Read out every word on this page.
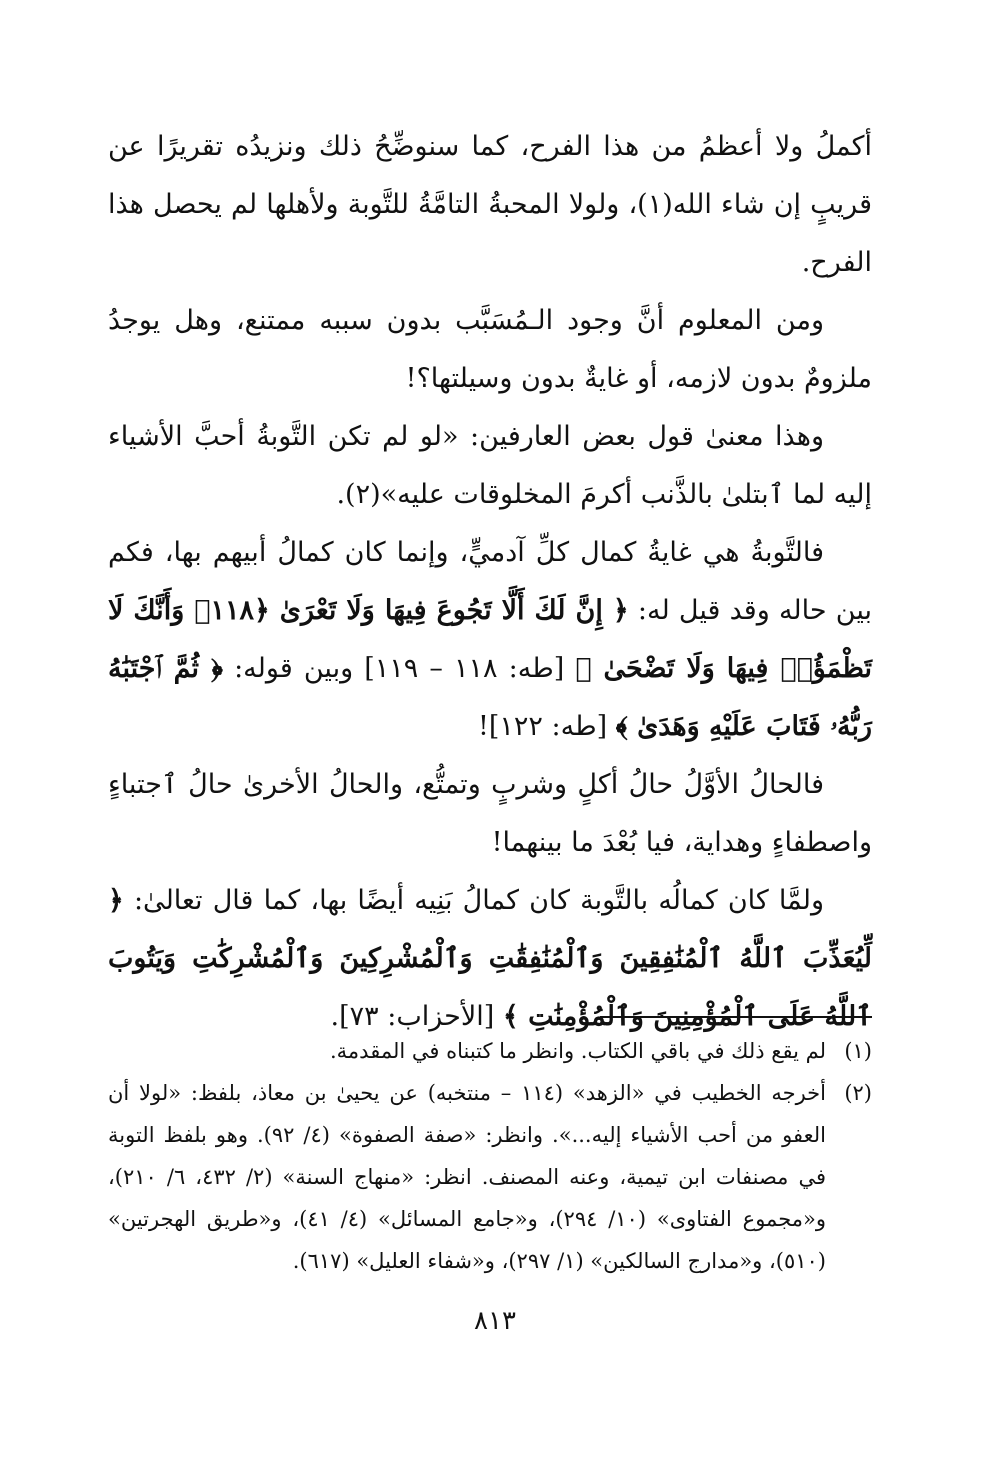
أكملُ ولا أعظمُ من هذا الفرح، كما سنوضِّحُ ذلك ونزيدُه تقريرًا عن قريبٍ إن شاء الله(١)، ولولا المحبةُ التامَّةُ للتَّوبة ولأهلها لم يحصل هذا الفرح.

ومن المعلوم أنَّ وجود الـمُسَبَّب بدون سببه ممتنع، وهل يوجدُ ملزومٌ بدون لازمه، أو غايةٌ بدون وسيلتها؟!

وهذا معنىٰ قول بعض العارفين: «لو لم تكن التَّوبةُ أحبَّ الأشياء إليه لما ٱبتلىٰ بالذَّنب أكرمَ المخلوقات عليه»(٢).

فالتَّوبةُ هي غايةُ كمال كلِّ آدميٍّ، وإنما كان كمالُ أبيهم بها، فكم بين حاله وقد قيل له: ﴿ إِنَّ لَكَ أَلَّا تَجُوعَ فِيهَا وَلَا تَعْرَىٰ ﴿١١٨﴾ وَأَنَّكَ لَا تَظْمَؤُا۟ فِيهَا وَلَا تَضْحَىٰ ﴾ [طه: ١١٨ – ١١٩] وبين قوله: ﴿ ثُمَّ ٱجْتَبَٰهُ رَبُّهُۥ فَتَابَ عَلَيْهِ وَهَدَىٰ ﴾ [طه: ١٢٢]!

فالحالُ الأوَّلُ حالُ أكلٍ وشربٍ وتمتُّع، والحالُ الأخرىٰ حالُ ٱجتباءٍ واصطفاءٍ وهداية، فيا بُعْدَ ما بينهما!

ولمَّا كان كمالُه بالتَّوبة كان كمالُ بَنِيه أيضًا بها، كما قال تعالىٰ: ﴿ لِّيُعَذِّبَ ٱللَّهُ ٱلْمُنَٰفِقِينَ وَٱلْمُنَٰفِقَٰتِ وَٱلْمُشْرِكِينَ وَٱلْمُشْرِكَٰتِ وَيَتُوبَ ٱللَّهُ عَلَى ٱلْمُؤْمِنِينَ وَٱلْمُؤْمِنَٰتِ ﴾ [الأحزاب: ٧٣].

(١)
لم يقع ذلك في باقي الكتاب. وانظر ما كتبناه في المقدمة.
(٢)
أخرجه الخطيب في «الزهد» (١١٤ – منتخبه) عن يحيىٰ بن معاذ، بلفظ: «لولا أن العفو من أحب الأشياء إليه...». وانظر: «صفة الصفوة» (٤/ ٩٢). وهو بلفظ التوبة في مصنفات ابن تيمية، وعنه المصنف. انظر: «منهاج السنة» (٢/ ٤٣٢، ٦/ ٢١٠)، و«مجموع الفتاوى» (١٠/ ٢٩٤)، و«جامع المسائل» (٤/ ٤١)، و«طريق الهجرتين» (٥١٠)، و«مدارج السالكين» (١/ ٢٩٧)، و«شفاء العليل» (٦١٧).
٨١٣
